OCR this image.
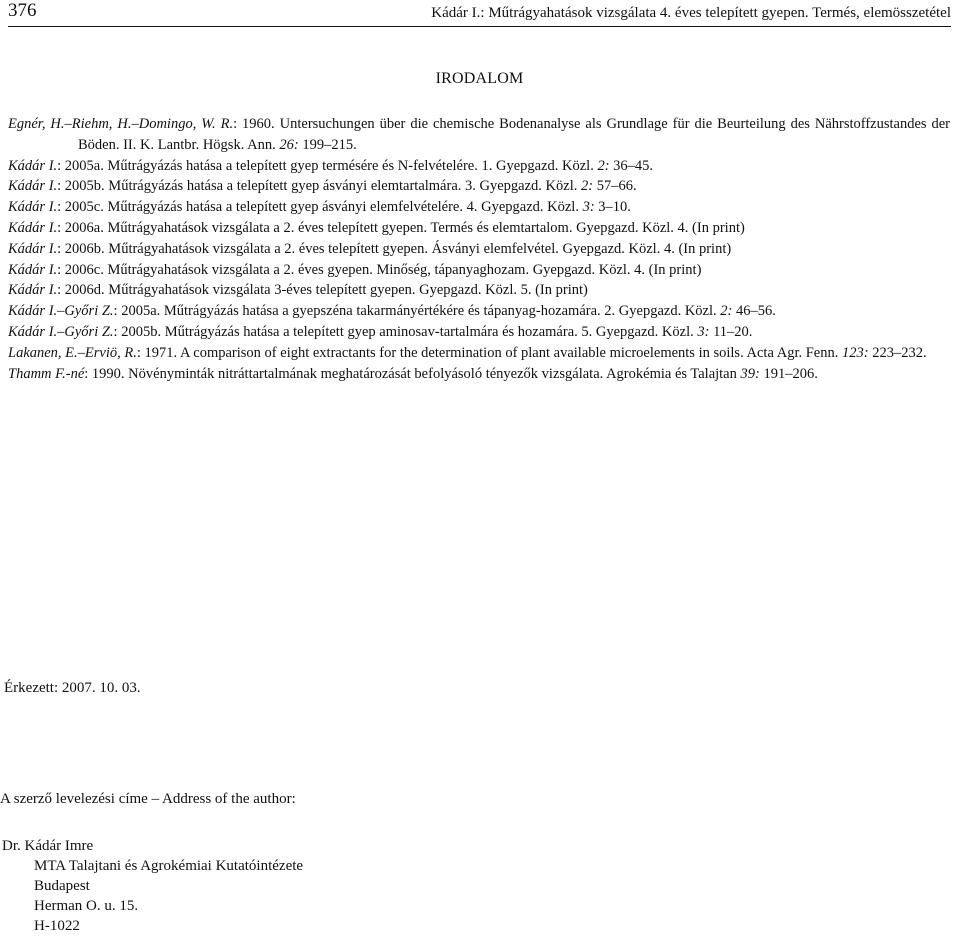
376	Kádár I.: Műtrágyahatások vizsgálata 4. éves telepített gyepen. Termés, elemösszetétel
IRODALOM
Egnér, H.–Riehm, H.–Domingo, W. R.: 1960. Untersuchungen über die chemische Bodenanalyse als Grundlage für die Beurteilung des Nährstoffzustandes der Böden. II. K. Lantbr. Högsk. Ann. 26: 199–215.
Kádár I.: 2005a. Műtrágyázás hatása a telepített gyep termésére és N-felvételére. 1. Gyepgazd. Közl. 2: 36–45.
Kádár I.: 2005b. Műtrágyázás hatása a telepített gyep ásványi elemtartalmára. 3. Gyepgazd. Közl. 2: 57–66.
Kádár I.: 2005c. Műtrágyázás hatása a telepített gyep ásványi elemfelvételére. 4. Gyepgazd. Közl. 3: 3–10.
Kádár I.: 2006a. Műtrágyahatások vizsgálata a 2. éves telepített gyepen. Termés és elemtartalom. Gyepgazd. Közl. 4. (In print)
Kádár I.: 2006b. Műtrágyahatások vizsgálata a 2. éves telepített gyepen. Ásványi elemfelvétel. Gyepgazd. Közl. 4. (In print)
Kádár I.: 2006c. Műtrágyahatások vizsgálata a 2. éves gyepen. Minőség, tápanyaghozam. Gyepgazd. Közl. 4. (In print)
Kádár I.: 2006d. Műtrágyahatások vizsgálata 3-éves telepített gyepen. Gyepgazd. Közl. 5. (In print)
Kádár I.–Győri Z.: 2005a. Műtrágyázás hatása a gyepszéna takarmányértékére és tápanyag-hozamára. 2. Gyepgazd. Közl. 2: 46–56.
Kádár I.–Győri Z.: 2005b. Műtrágyázás hatása a telepített gyep aminosav-tartalmára és hozamára. 5. Gyepgazd. Közl. 3: 11–20.
Lakanen, E.–Erviö, R.: 1971. A comparison of eight extractants for the determination of plant available microelements in soils. Acta Agr. Fenn. 123: 223–232.
Thamm F.-né: 1990. Növényminták nitráttartalmának meghatározását befolyásoló tényezők vizsgálata. Agrokémia és Talajtan 39: 191–206.
Érkezett: 2007. 10. 03.
A szerző levelezési címe – Address of the author:
Dr. Kádár Imre
MTA Talajtani és Agrokémiai Kutatóintézete
Budapest
Herman O. u. 15.
H-1022
